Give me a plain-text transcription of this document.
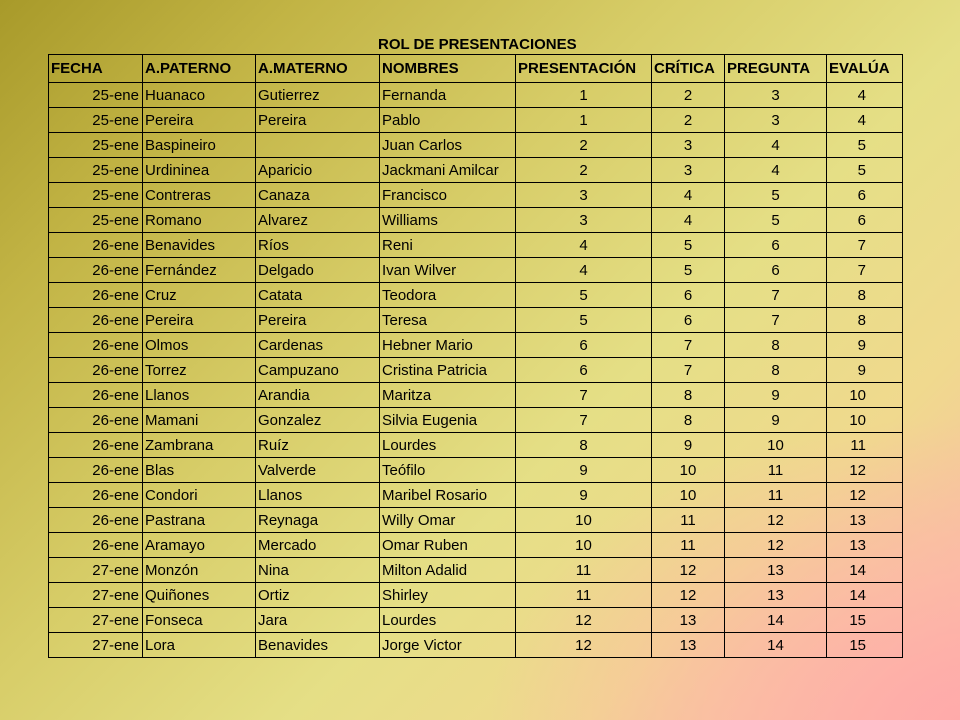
ROL DE PRESENTACIONES
FECHA	A.PATERNO	A.MATERNO	NOMBRES	PRESENTACIÓN	CRÍTICA	PREGUNTA	EVALÚA
25-ene	Huanaco	Gutierrez	Fernanda	1	2	3	4
25-ene	Pereira	Pereira	Pablo	1	2	3	4
25-ene	Baspineiro		Juan Carlos	2	3	4	5
25-ene	Urdininea	Aparicio	Jackmani Amilcar	2	3	4	5
25-ene	Contreras	Canaza	Francisco	3	4	5	6
25-ene	Romano	Alvarez	Williams	3	4	5	6
26-ene	Benavides	Ríos	Reni	4	5	6	7
26-ene	Fernández	Delgado	Ivan Wilver	4	5	6	7
26-ene	Cruz	Catata	Teodora	5	6	7	8
26-ene	Pereira	Pereira	Teresa	5	6	7	8
26-ene	Olmos	Cardenas	Hebner Mario	6	7	8	9
26-ene	Torrez	Campuzano	Cristina Patricia	6	7	8	9
26-ene	Llanos	Arandia	Maritza	7	8	9	10
26-ene	Mamani	Gonzalez	Silvia Eugenia	7	8	9	10
26-ene	Zambrana	Ruíz	Lourdes	8	9	10	11
26-ene	Blas	Valverde	Teófilo	9	10	11	12
26-ene	Condori	Llanos	Maribel Rosario	9	10	11	12
26-ene	Pastrana	Reynaga	Willy Omar	10	11	12	13
26-ene	Aramayo	Mercado	Omar Ruben	10	11	12	13
27-ene	Monzón	Nina	Milton Adalid	11	12	13	14
27-ene	Quiñones	Ortiz	Shirley	11	12	13	14
27-ene	Fonseca	Jara	Lourdes	12	13	14	15
27-ene	Lora	Benavides	Jorge Victor	12	13	14	15
